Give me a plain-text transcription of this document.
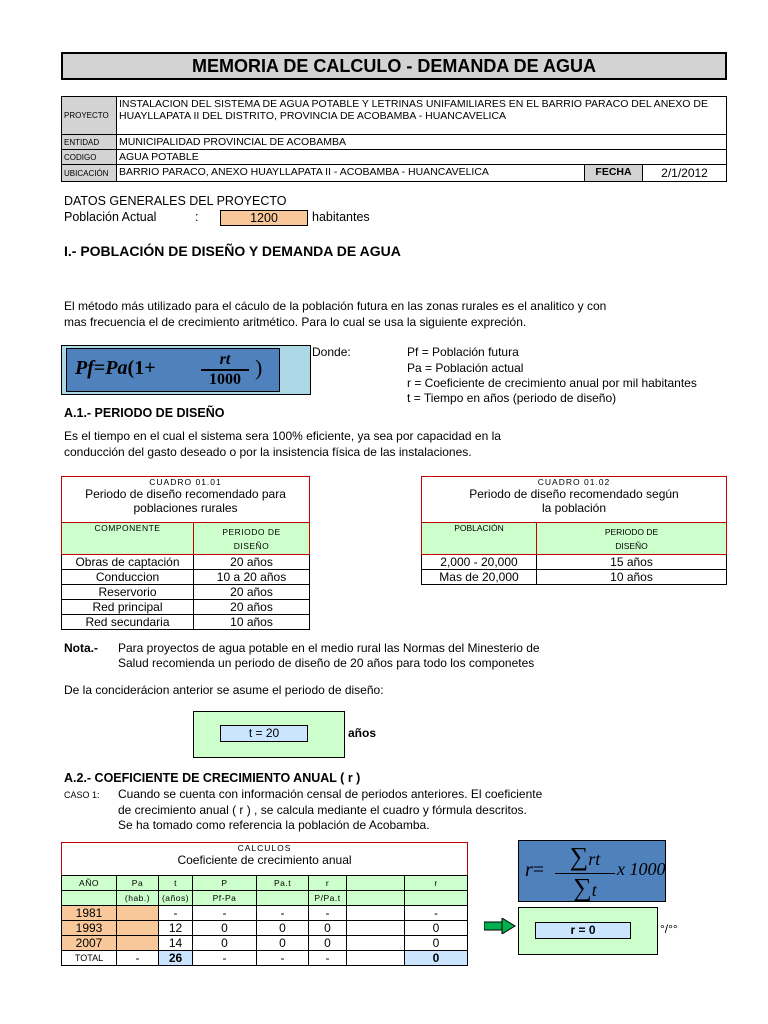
MEMORIA DE CALCULO - DEMANDA DE AGUA
PROYECTO	INSTALACION DEL SISTEMA DE AGUA POTABLE Y LETRINAS UNIFAMILIARES EN EL BARRIO PARACO DEL ANEXO DE HUAYLLAPATA II DEL DISTRITO, PROVINCIA DE ACOBAMBA - HUANCAVELICA		
ENTIDAD	MUNICIPALIDAD PROVINCIAL DE ACOBAMBA		
CODIGO	AGUA POTABLE		
UBICACIÓN	BARRIO PARACO, ANEXO HUAYLLAPATA II - ACOBAMBA - HUANCAVELICA	FECHA	2/1/2012
DATOS GENERALES DEL PROYECTO
Población Actual	:	1200	habitantes
I.- POBLACIÓN DE DISEÑO Y DEMANDA DE AGUA
El método más utilizado para el cáculo de la población futura en las zonas rurales es el analitico y con
mas frecuencia el de crecimiento aritmético. Para lo cual se usa la siguiente expreción.
Pf=Pa(1+	$\frac{rt}{1000}$ )
Donde:	Pf = Población futura
Pa = Población actual
r = Coeficiente de crecimiento anual por mil habitantes
t = Tiempo en años (periodo de diseño)
A.1.- PERIODO DE DISEÑO
Es el tiempo en el cual el sistema sera 100% eficiente, ya sea por capacidad en la
conducción del gasto deseado o por la insistencia física de las instalaciones.
CUADRO 01.01
Periodo de diseño recomendado para
poblaciones rurales
COMPONENTE	PERIODO DE
DISEÑO

Obras de captación	20 años
Conduccion	10 a 20 años
Reservorio	20 años
Red principal	20 años
Red secundaria	10 años
CUADRO 01.02
Periodo de diseño recomendado según
la población
POBLACIÓN	PERIODO DE
DISEÑO

2,000 - 20,000	15 años
Mas de 20,000	10 años
Nota.- Para proyectos de agua potable en el medio rural las Normas del Minesterio de
Salud recomienda un periodo de diseño de 20 años para todo los componetes
De la conciderácion anterior se asume el periodo de diseño:
t = 20	años
A.2.- COEFICIENTE DE CRECIMIENTO ANUAL ( r )
CASO 1: Cuando se cuenta con información censal de periodos anteriores. El coeficiente
de crecimiento anual ( r ) , se calcula mediante el cuadro y fórmula descritos.
Se ha tomado como referencia la población de Acobamba.
CALCULOS
Coeficiente de crecimiento anual
AÑO	Pa	t	P	Pa.t	r		r
	(hab.)	(años)	Pf-Pa		P/Pa.t		
1981		-	-	-	-		-
1993		12	0	0	0		0
2007		14	0	0	0		0
TOTAL	-	26	-	-	-		0
r= ∑rt
∑t
x 1000
r = 0	°/°°
